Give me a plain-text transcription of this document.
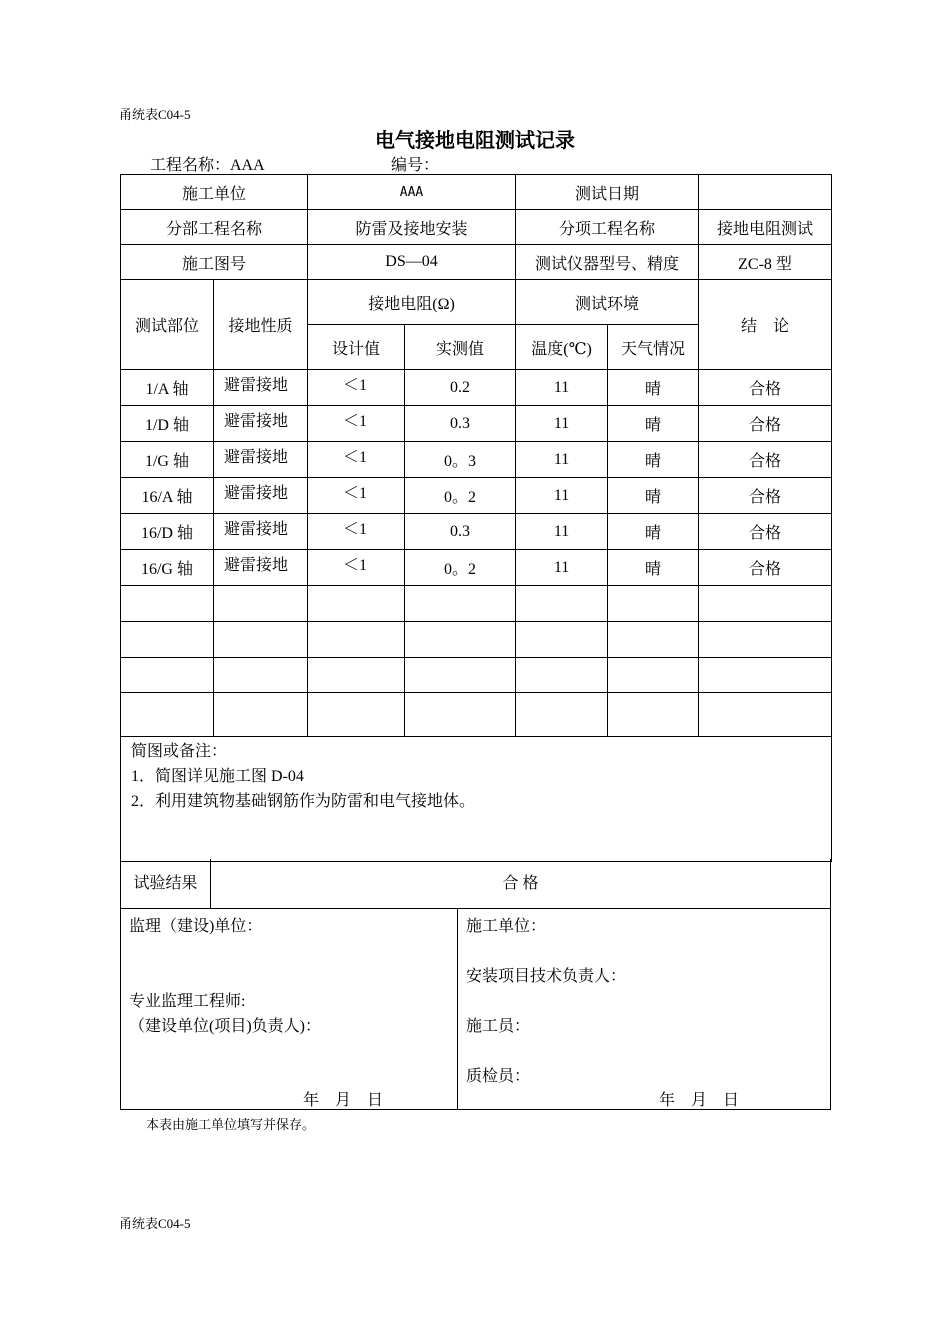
甬统表C04-5
电气接地电阻测试记录
工程名称：AAA	编号：
施工单位		AAA		测试日期		
分部工程名称		防雷及接地安装		分项工程名称		接地电阻测试
施工图号		DS—04		测试仪器型号、精度		ZC-8 型
测试部位	接地性质	接地电阻(Ω)		测试环境		结　论
		设计值	实测值	温度(℃)	天气情况	
1/A 轴	避雷接地	＜1	0.2	11	晴	合格
1/D 轴	避雷接地	＜1	0.3	11	晴	合格
1/G 轴	避雷接地	＜1	0。3	11	晴	合格
16/A 轴	避雷接地	＜1	0。2	11	晴	合格
16/D 轴	避雷接地	＜1	0.3	11	晴	合格
16/G 轴	避雷接地	＜1	0。2	11	晴	合格

简图或备注：
1．简图详见施工图 D-04
2．利用建筑物基础钢筋作为防雷和电气接地体。						
试验结果	合 格
监理（建设)单位：
专业监理工程师:
（建设单位(项目)负责人)：
年　月　日
施工单位：
安装项目技术负责人：
施工员：
质检员：
年　月　日
本表由施工单位填写并保存。
甬统表C04-5
